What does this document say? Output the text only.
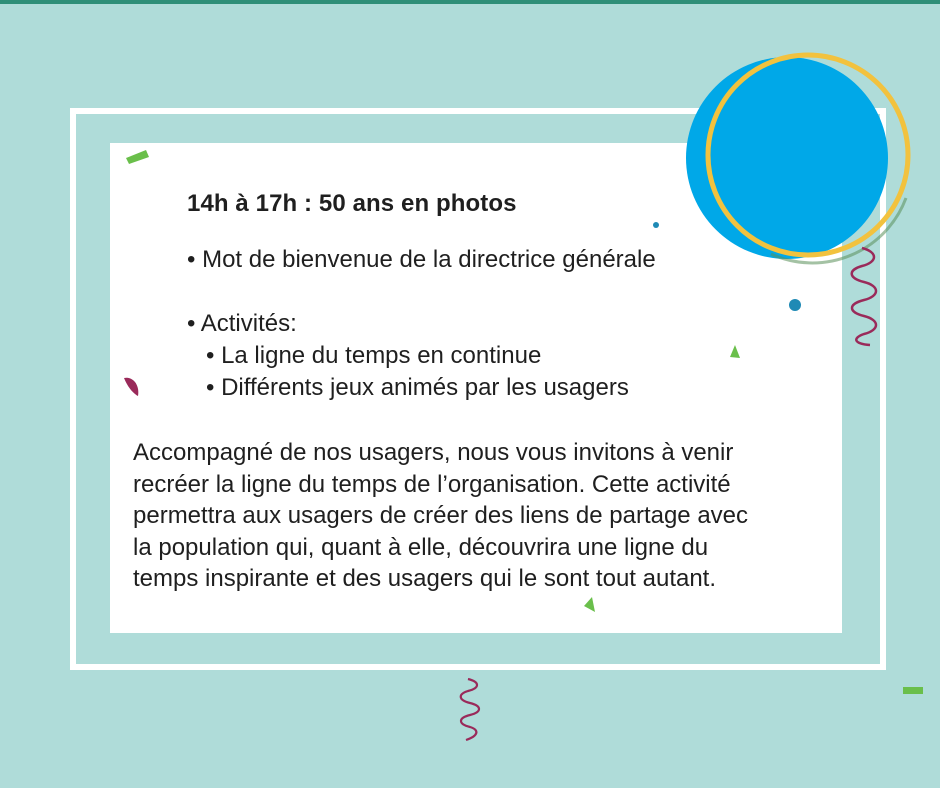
14h à 17h : 50 ans en photos
• Mot de bienvenue de la directrice générale
• Activités:
• La ligne du temps en continue
• Différents jeux animés par les usagers
Accompagné de nos usagers, nous vous invitons à venir
recréer la ligne du temps de l’organisation. Cette activité
permettra aux usagers de créer des liens de partage avec
la population qui, quant à elle, découvrira une ligne du
temps inspirante et des usagers qui le sont tout autant.
